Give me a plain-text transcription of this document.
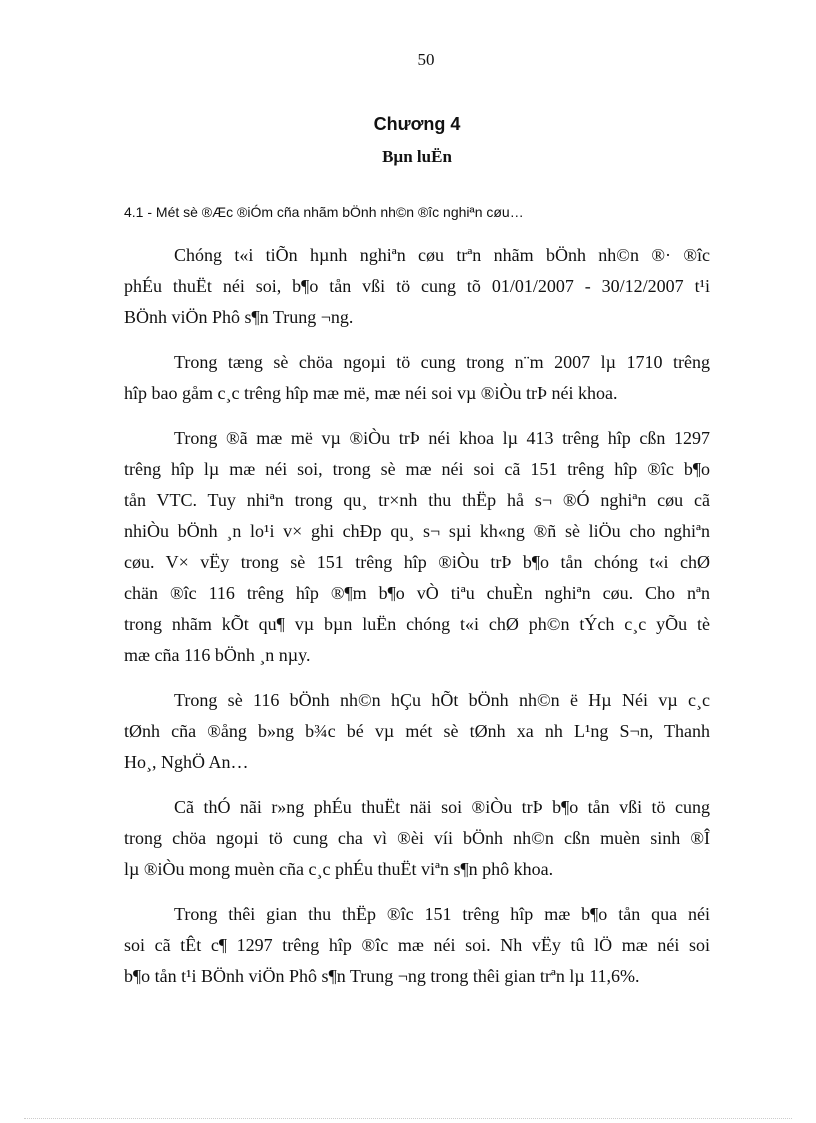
50
Chương 4
Bµn luËn
4.1 - Mét sè ®Æc ®iÓm cña nhãm bÖnh nh©n ®îc nghiªn cøu…
Chóng t«i tiÕn hµnh nghiªn cøu trªn nhãm bÖnh nh©n ®· ®îc
phÉu thuËt néi soi, b¶o tån vßi tö cung tõ 01/01/2007 - 30/12/2007 t¹i
BÖnh viÖn Phô s¶n Trung ¬ng.
Trong tæng sè chöa ngoµi tö cung trong n¨m 2007 lµ 1710 trêng
hîp bao gåm c¸c trêng hîp mæ më, mæ néi soi vµ ®iÒu trÞ néi khoa.
Trong ®ã mæ më vµ ®iÒu trÞ néi khoa lµ 413 trêng hîp cßn 1297
trêng hîp lµ mæ néi soi, trong sè mæ néi soi cã 151 trêng hîp ®îc b¶o
tån VTC. Tuy nhiªn trong qu¸ tr×nh thu thËp hå s¬ ®Ó nghiªn cøu cã
nhiÒu bÖnh ¸n lo¹i v× ghi chÐp qu¸ s¬ sµi kh«ng ®ñ sè liÖu cho nghiªn
cøu. V× vËy trong sè 151 trêng hîp ®iÒu trÞ b¶o tån chóng t«i chØ
chän ®îc 116 trêng hîp ®¶m b¶o vÒ tiªu chuÈn nghiªn cøu. Cho nªn
trong nhãm kÕt qu¶ vµ bµn luËn chóng t«i chØ ph©n tÝch c¸c yÕu tè
mæ cña 116 bÖnh ¸n nµy.
Trong sè 116 bÖnh nh©n hÇu hÕt bÖnh nh©n ë Hµ Néi vµ c¸c
tØnh cña ®ång b»ng b¾c bé vµ mét sè tØnh xa nh L¹ng S¬n, Thanh
Ho¸, NghÖ An…
Cã thÓ nãi r»ng phÉu thuËt näi soi ®iÒu trÞ b¶o tån vßi tö cung
trong chöa ngoµi tö cung cha vì ®èi víi bÖnh nh©n cßn muèn sinh ®Î
lµ ®iÒu mong muèn cña c¸c phÉu thuËt viªn s¶n phô khoa.
Trong thêi gian thu thËp ®îc 151 trêng hîp mæ b¶o tån qua néi
soi cã tÊt c¶ 1297 trêng hîp ®îc mæ néi soi. Nh vËy tû lÖ mæ néi soi
b¶o tån t¹i BÖnh viÖn Phô s¶n Trung ¬ng trong thêi gian trªn lµ 11,6%.
